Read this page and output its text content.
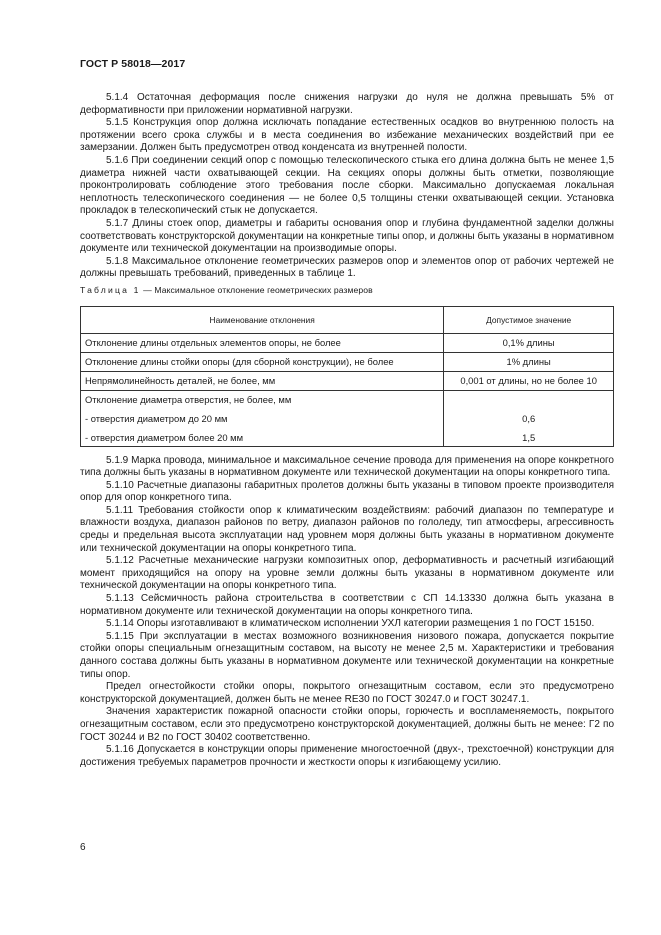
ГОСТ Р 58018—2017

5.1.4 Остаточная деформация после снижения нагрузки до нуля не должна превышать 5% от деформативности при приложении нормативной нагрузки.

5.1.5 Конструкция опор должна исключать попадание естественных осадков во внутреннюю полость на протяжении всего срока службы и в места соединения во избежание механических воздействий при ее замерзании. Должен быть предусмотрен отвод конденсата из внутренней полости.

5.1.6 При соединении секций опор с помощью телескопического стыка его длина должна быть не менее 1,5 диаметра нижней части охватывающей секции. На секциях опоры должны быть отметки, позволяющие проконтролировать соблюдение этого требования после сборки. Максимально допускаемая локальная неплотность телескопического соединения — не более 0,5 толщины стенки охватывающей секции. Установка прокладок в телескопический стык не допускается.

5.1.7 Длины стоек опор, диаметры и габариты основания опор и глубина фундаментной заделки должны соответствовать конструкторской документации на конкретные типы опор, и должны быть указаны в нормативном документе или технической документации на производимые опоры.

5.1.8 Максимальное отклонение геометрических размеров опор и элементов опор от рабочих чертежей не должны превышать требований, приведенных в таблице 1.

Таблица 1 — Максимальное отклонение геометрических размеров

Наименование отклонения	Допустимое значение
Отклонение длины отдельных элементов опоры, не более	0,1% длины
Отклонение длины стойки опоры (для сборной конструкции), не более	1% длины
Непрямолинейность деталей, не более, мм	0,001 от длины, но не более 10
Отклонение диаметра отверстия, не более, мм	
- отверстия диаметром до 20 мм	0,6
- отверстия диаметром более 20 мм	1,5

5.1.9 Марка провода, минимальное и максимальное сечение провода для применения на опоре конкретного типа должны быть указаны в нормативном документе или технической документации на опоры конкретного типа.

5.1.10 Расчетные диапазоны габаритных пролетов должны быть указаны в типовом проекте производителя опор для опор конкретного типа.

5.1.11 Требования стойкости опор к климатическим воздействиям: рабочий диапазон по температуре и влажности воздуха, диапазон районов по ветру, диапазон районов по гололеду, тип атмосферы, агрессивность среды и предельная высота эксплуатации над уровнем моря должны быть указаны в нормативном документе или технической документации на опоры конкретного типа.

5.1.12 Расчетные механические нагрузки композитных опор, деформативность и расчетный изгибающий момент приходящийся на опору на уровне земли должны быть указаны в нормативном документе или технической документации на опоры конкретного типа.

5.1.13 Сейсмичность района строительства в соответствии с СП 14.13330 должна быть указана в нормативном документе или технической документации на опоры конкретного типа.

5.1.14 Опоры изготавливают в климатическом исполнении УХЛ категории размещения 1 по ГОСТ 15150.

5.1.15 При эксплуатации в местах возможного возникновения низового пожара, допускается покрытие стойки опоры специальным огнезащитным составом, на высоту не менее 2,5 м. Характеристики и требования данного состава должны быть указаны в нормативном документе или технической документации на конкретные типы опор.

Предел огнестойкости стойки опоры, покрытого огнезащитным составом, если это предусмотрено конструкторской документацией, должен быть не менее RE30 по ГОСТ 30247.0 и ГОСТ 30247.1.

Значения характеристик пожарной опасности стойки опоры, горючесть и воспламеняемость, покрытого огнезащитным составом, если это предусмотрено конструкторской документацией, должны быть не менее: Г2 по ГОСТ 30244 и В2 по ГОСТ 30402 соответственно.

5.1.16 Допускается в конструкции опоры применение многостоечной (двух-, трехстоечной) конструкции для достижения требуемых параметров прочности и жесткости опоры к изгибающему усилию.

6
